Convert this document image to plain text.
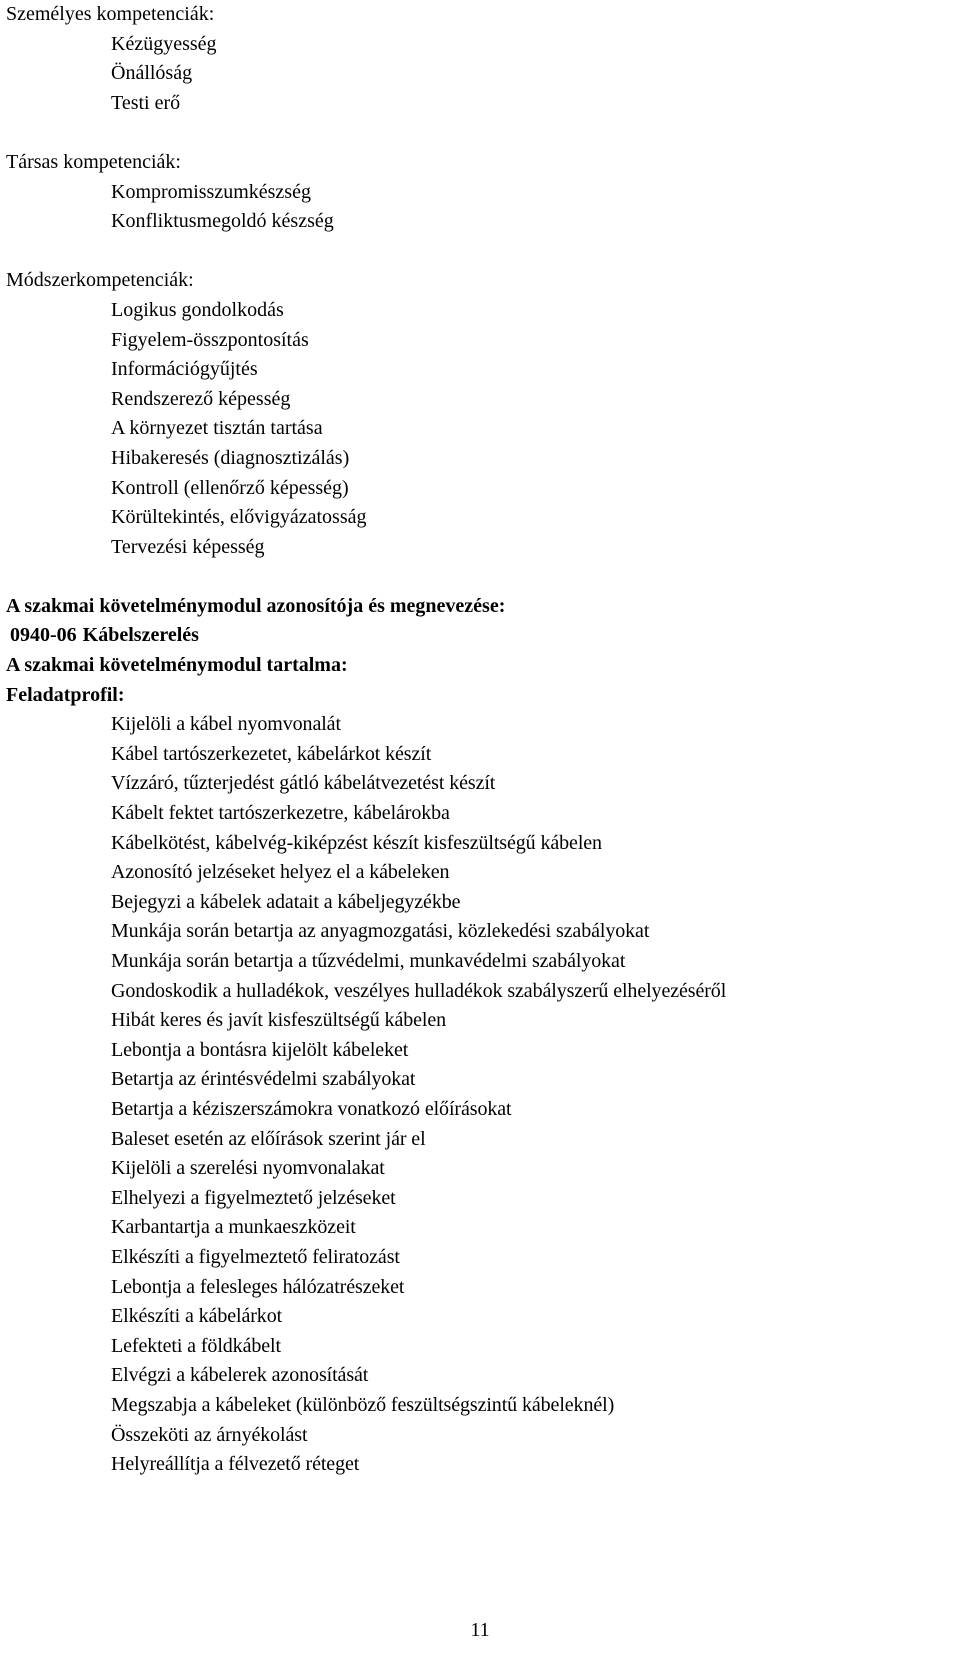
Személyes kompetenciák:

Kézügyesség
Önállóság
Testi erő

Társas kompetenciák:

Kompromisszumkészség
Konfliktusmegoldó készség

Módszerkompetenciák:

Logikus gondolkodás
Figyelem-összpontosítás
Információgyűjtés
Rendszerező képesség
A környezet tisztán tartása
Hibakeresés (diagnosztizálás)
Kontroll (ellenőrző képesség)
Körültekintés, elővigyázatosság
Tervezési képesség

A szakmai követelménymodul azonosítója és megnevezése:

0940-06 Kábelszerelés

A szakmai követelménymodul tartalma:

Feladatprofil:

Kijelöli a kábel nyomvonalát
Kábel tartószerkezetet, kábelárkot készít
Vízzáró, tűzterjedést gátló kábelátvezetést készít
Kábelt fektet tartószerkezetre, kábelárokba
Kábelkötést, kábelvég-kiképzést készít kisfeszültségű kábelen
Azonosító jelzéseket helyez el a kábeleken
Bejegyzi a kábelek adatait a kábeljegyzékbe
Munkája során betartja az anyagmozgatási, közlekedési szabályokat
Munkája során betartja a tűzvédelmi, munkavédelmi szabályokat
Gondoskodik a hulladékok, veszélyes hulladékok szabályszerű elhelyezéséről
Hibát keres és javít kisfeszültségű kábelen
Lebontja a bontásra kijelölt kábeleket
Betartja az érintésvédelmi szabályokat
Betartja a kéziszerszámokra vonatkozó előírásokat
Baleset esetén az előírások szerint jár el
Kijelöli a szerelési nyomvonalakat
Elhelyezi a figyelmeztető jelzéseket
Karbantartja a munkaeszközeit
Elkészíti a figyelmeztető feliratozást
Lebontja a felesleges hálózatrészeket
Elkészíti a kábelárkot
Lefekteti a földkábelt
Elvégzi a kábelerek azonosítását
Megszabja a kábeleket (különböző feszültségszintű kábeleknél)
Összeköti az árnyékolást
Helyreállítja a félvezető réteget
11
